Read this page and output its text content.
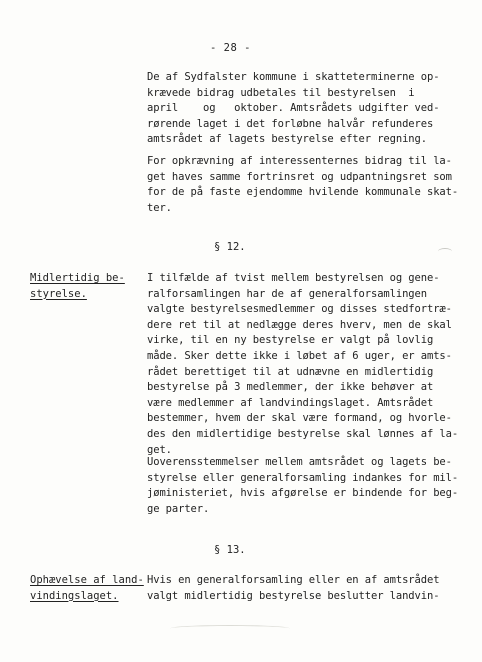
- 28 -

De af Sydfalster kommune i skatteterminerne op-
krævede bidrag udbetales til bestyrelsen  i
april    og   oktober. Amtsrådets udgifter ved-
rørende laget i det forløbne halvår refunderes
amtsrådet af lagets bestyrelse efter regning.

For opkrævning af interessenternes bidrag til la-
get haves samme fortrinsret og udpantningsret som
for de på faste ejendomme hvilende kommunale skat-
ter.

§ 12.

Midlertidig be-
styrelse.

I tilfælde af tvist mellem bestyrelsen og gene-
ralforsamlingen har de af generalforsamlingen
valgte bestyrelsesmedlemmer og disses stedfortræ-
dere ret til at nedlægge deres hverv, men de skal
virke, til en ny bestyrelse er valgt på lovlig
måde. Sker dette ikke i løbet af 6 uger, er amts-
rådet berettiget til at udnævne en midlertidig
bestyrelse på 3 medlemmer, der ikke behøver at
være medlemmer af landvindingslaget. Amtsrådet
bestemmer, hvem der skal være formand, og hvorle-
des den midlertidige bestyrelse skal lønnes af la-
get.

Uoverensstemmelser mellem amtsrådet og lagets be-
styrelse eller generalforsamling indankes for mil-
jøministeriet, hvis afgørelse er bindende for beg-
ge parter.

§ 13.

Ophævelse af land-
vindingslaget.

Hvis en generalforsamling eller en af amtsrådet
valgt midlertidig bestyrelse beslutter landvin-
